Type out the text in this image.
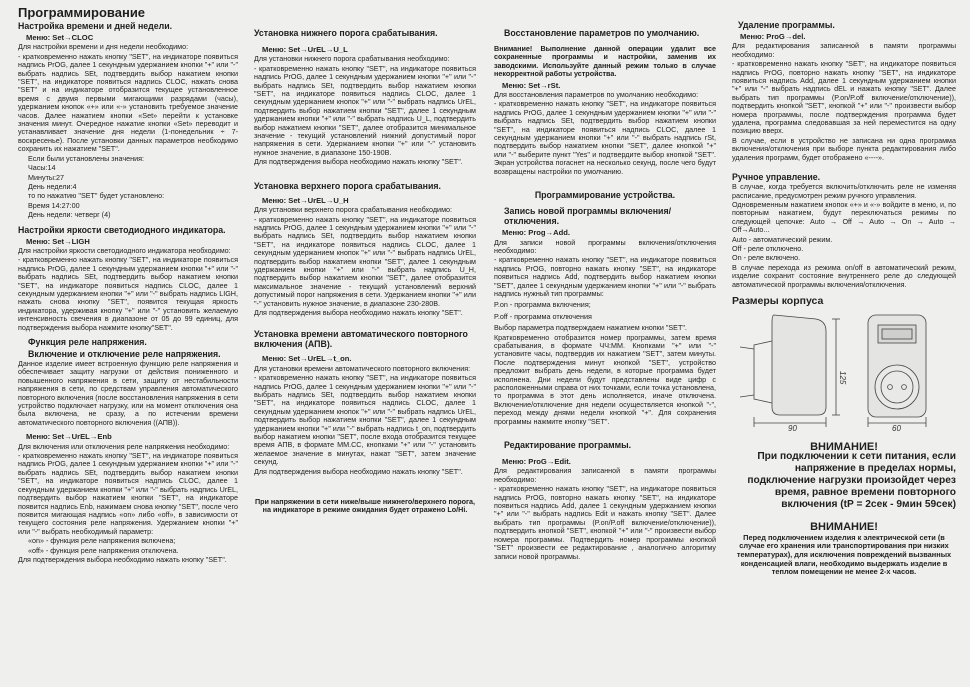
Программирование
Настройка времени и дней недели.
Меню: Set→CLOC
Для настройки времени и дня недели необходимо:
- кратковременно нажать кнопку "SET", на индикаторе появиться надпись PrOG, далее 1 секундным удержанием кнопки "+" или "-" выбрать надпись SEt, подтвердить выбор нажатием кнопки "SET", на индикаторе появиться надпись CLOC, нажать снова "SET" и на индикаторе отобразится текущее установленное время с двумя первыми мигающими разрядами (часы), удержанием кнопок «+» или «-» установить требуемое значение часов. Далее нажатием кнопки «Set» перейти к установке значения минут. Очередное нажатие кнопки «Set» переводит и устанавливает значение дня недели (1-понедельник ÷ 7-воскресенье). После установки данных параметров необходимо сохранить их нажатием "SET".
Если были установлены значения:
Часы:14
Минуты:27
День недели:4
то по нажатию "SET" будет установлено:
Время 14:27:00
День недели: четверг (4)
Настройки яркости светодиодного индикатора.
Меню: Set→LIGH
Для настройки яркости светодиодного индикатора необходимо:
- кратковременно нажать кнопку "SET", на индикаторе появиться надпись PrOG, далее 1 секундным удержанием кнопки "+" или "-" выбрать надпись SEt, подтвердить выбор нажатием кнопки "SET", на индикаторе появиться надпись CLOC, далее 1 секундным удержанием кнопки "+" или "-" выбрать надпись LIGH, нажать снова кнопку "SET", появится текущая яркость индикатора, удерживая кнопку "+" или "-" установить желаемую интенсивность свечения в диапазоне от 05 до 99 единиц, для подтверждения выбора нажмите кнопку"SET".
Функция реле напряжения.
Включение и отключение реле напряжения.
Данное изделие имеет встроенную функцию реле напряжения и обеспечивает защиту нагрузки от действия пониженного и повышенного напряжения в сети, защиту от нестабильности напряжения в сети, по средствам управления автоматического повторного включения (после восстановления напряжения в сети устройство подключает нагрузку, или на момент отключения она была включена, не сразу, а по истечении времени автоматического повторного включения ((АПВ)).
Меню: Set→UrEL→Enb
Для включения или отключения реле напряжения необходимо:
- кратковременно нажать кнопку "SET", на индикаторе появиться надпись PrOG, далее 1 секундным удержанием кнопки "+" или "-" выбрать надпись SEt, подтвердить выбор нажатием кнопки "SET", на индикаторе появиться надпись CLOC, далее 1 секундным удержанием кнопки "+" или "-" выбрать надпись UrEL, подтвердить выбор нажатием кнопки "SET", на индикаторе появится надпись Enb, нажимаем снова кнопку "SET", после чего появится мигающая надпись «on» либо «off», в зависимости от текущего состояния реле напряжения. Удержанием кнопки "+" или "-" выбрать необходимый параметр:
«on» - функция реле напряжения включена;
«off» - функция реле напряжения отключена.
Для подтверждения выбора необходимо нажать кнопку "SET".
Установка нижнего порога срабатывания.
Меню: Set→UrEL→U_L
Для установки нижнего порога срабатывания необходимо:
- кратковременно нажать кнопку "SET", на индикаторе появиться надпись PrOG, далее 1 секундным удержанием кнопки "+" или "-" выбрать надпись SEt, подтвердить выбор нажатием кнопки "SET", на индикаторе появиться надпись CLOC, далее 1 секундным удержанием кнопок "+" или "-" выбрать надпись UrEL, подтвердить выбор нажатием кнопки "SET", далее 1 секундным удержанием кнопки "+" или "-" выбрать надпись U_L, подтвердить выбор нажатием кнопки "SET", далее отобразится минимальное значение - текущий установлений нижний допустимый порог напряжения в сети. Удержанием кнопки "+" или "-" установить нужное значение, в диапазоне 150-190В.
Для подтверждения выбора необходимо нажать кнопку "SET".
Установка верхнего порога срабатывания.
Меню: Set→UrEL→U_H
Для установки верхнего порога срабатывания необходимо:
- кратковременно нажать кнопку "SET", на индикаторе появиться надпись PrOG, далее 1 секундным удержанием кнопки "+" или "-" выбрать надпись SEt, подтвердить выбор нажатием кнопки "SET", на индикаторе появиться надпись CLOC, далее 1 секундным удержанием кнопок "+" или "-" выбрать надпись UrEL, подтвердить выбор нажатием кнопки "SET", далее 1 секундным удержанием кнопки "+" или "-" выбрать надпись U_H, подтвердить выбор нажатием кнопки "SET", далее отобразится максимальное значение - текущий установлений верхний допустимый порог напряжения в сети. Удержанием кнопки "+" или "-" установить нужное значение, в диапазоне 230-280В.
Для подтверждения выбора необходимо нажать кнопку "SET".
Установка времени автоматического повторного включения (АПВ).
Меню: Set→UrEL→t_on.
Для установки времени автоматического повторного включения:
- кратковременно нажать кнопку "SET", на индикаторе появиться надпись PrOG, далее 1 секундным удержанием кнопки "+" или "-" выбрать надпись SEt, подтвердить выбор нажатием кнопки "SET", на индикаторе появиться надпись CLOC, далее 1 секундным удержанием кнопок "+" или "-" выбрать надпись UrEL, подтвердить выбор нажатием кнопки "SET", далее 1 секундным удержанием кнопки "+" или "-" выбрать надпись t_on, подтвердить выбор нажатием кнопки "SET", после входа отобразится текущее время АПВ, в формате ММ.СС, кнопками "+" или "-" установить желаемое значение в минутах, нажат "SET", затем значение секунд.
Для подтверждения выбора необходимо нажать кнопку "SET".
При напряжении в сети ниже/выше нижнего/верхнего порога, на индикаторе в режиме ожидания будет отражено Lo/Hi.
Восстановление параметров по умолчанию.
Внимание! Выполнение данной операции удалит все сохраненные программы и настройки, заменив их заводскими. Используйте данный режим только в случае некорректной работы устройства.
Меню: Set→rSt.
Для восстановления параметров по умолчанию необходимо:
- кратковременно нажать кнопку "SET", на индикаторе появиться надпись PrOG, далее 1 секундным удержанием кнопки "+" или "-" выбрать надпись SEt, подтвердить выбор нажатием кнопки "SET", на индикаторе появиться надпись CLOC, далее 1 секундным удержанием кнопки "+" или "-" выбрать надпись rSt, подтвердить выбор нажатием кнопки "SET", далее кнопкой "+" или "-" выберите пункт "Yes" и подтвердите выбор кнопкой "SET". Экран устройства погаснет на несколько секунд, после чего будут возвращены настройки по умолчанию.
Программирование устройства.
Запись новой программы включения/отключения.
Меню: Prog→Add.
Для записи новой программы включения/отключения необходимо:
- кратковременно нажать кнопку "SET", на индикаторе появиться надпись PrOG, повторно нажать кнопку "SET", на индикаторе появиться надпись Add, подтвердить выбор нажатием кнопки "SET", далее 1 секундным удержанием кнопки "+" или "-" выбрать надпись нужный тип программы:
P.on - программа включения;
P.off - программа отключения
Выбор параметра подтверждаем нажатием кнопки "SET".
Кратковременно отобразится номер программы, затем время срабатывания, в формате ЧЧ:ММ. Кнопками "+" или "-" установите часы, подтвердив их нажатием "SET", затем минуты. После подтверждения минут кнопкой "SET", устройство предложит выбрать день недели, в которые программа будет исполнена. Дни недели будут представлены виде цифр с расположенными справа от них точками, если точка установлена, то программа в этот день исполняется, иначе отключена. Включение/отключение дня недели осуществляется кнопкой "-", переход между днями недели кнопкой "+". Для сохранения программы нажмите кнопку "SET".
Редактирование программы.
Меню: ProG→Edit.
Для редактирования записанной в памяти программы необходимо:
- кратковременно нажать кнопку "SET", на индикаторе появиться надпись PrOG, повторно нажать кнопку "SET", на индикаторе появиться надпись Add, далее 1 секундным удержанием кнопки "+" или "-" выбрать надпись Edit и нажать кнопку "SET". Далее выбрать тип программы (P.on/P.off включение/отключение)), подтвердить кнопкой "SET", кнопкой "+" или "-" произвести выбор номера программы. Подтвердить номер программы кнопкой "SET" произвести ее редактирование , аналогично алгоритму записи новой программы.
Удаление программы.
Меню: ProG→del.
Для редактирования записанной в памяти программы необходимо:
- кратковременно нажать кнопку "SET", на индикаторе появиться надпись PrOG, повторно нажать кнопку "SET", на индикаторе появиться надпись Add, далее 1 секундным удержанием кнопки "+" или "-" выбрать надпись dEL и нажать кнопку "SET". Далее выбрать тип программы (P.on/P.off включение/отключение)), подтвердить кнопкой "SET", кнопкой "+" или "-" произвести выбор номера программы, после подтверждения программа будет удалена, программа следовавшая за ней переместится на одну позицию вверх.
В случае, если в устройство не записана ни одна программа включения/отключения при выборе пункта редактирования либо удаления программ, будет отображено «----».
Ручное управление.
В случае, когда требуется включить/отключить реле не изменяя расписание, предусмотрен режим ручного управления.
Одновременным нажатием кнопок «+» и «-» войдите в меню, и, по повторным нажатием, будут переключаться режимы по следующей цепочке: Auto → Off → Auto → On → Auto → Off→Auto...
Auto - автоматический режим.
Off - реле отключено.
On - реле включено.
В случае перехода из режима on/off в автоматический режим, изделие сохранит состояние внутреннего реле до следующей автоматической программы включения/отключения.
Размеры корпуса
90
125
60
ВНИМАНИЕ!
При подключении к сети питания, если напряжение в пределах нормы, подключение нагрузки произойдет через время, равное времени повторного включения (tP = 2сек - 9мин 59сек)
ВНИМАНИЕ!
Перед подключением изделия к электрической сети (в случае его хранения или транспортирования при низких температурах), для исключения повреждений вызванных конденсацией влаги, необходимо выдержать изделие в теплом помещении не менее 2-х часов.
